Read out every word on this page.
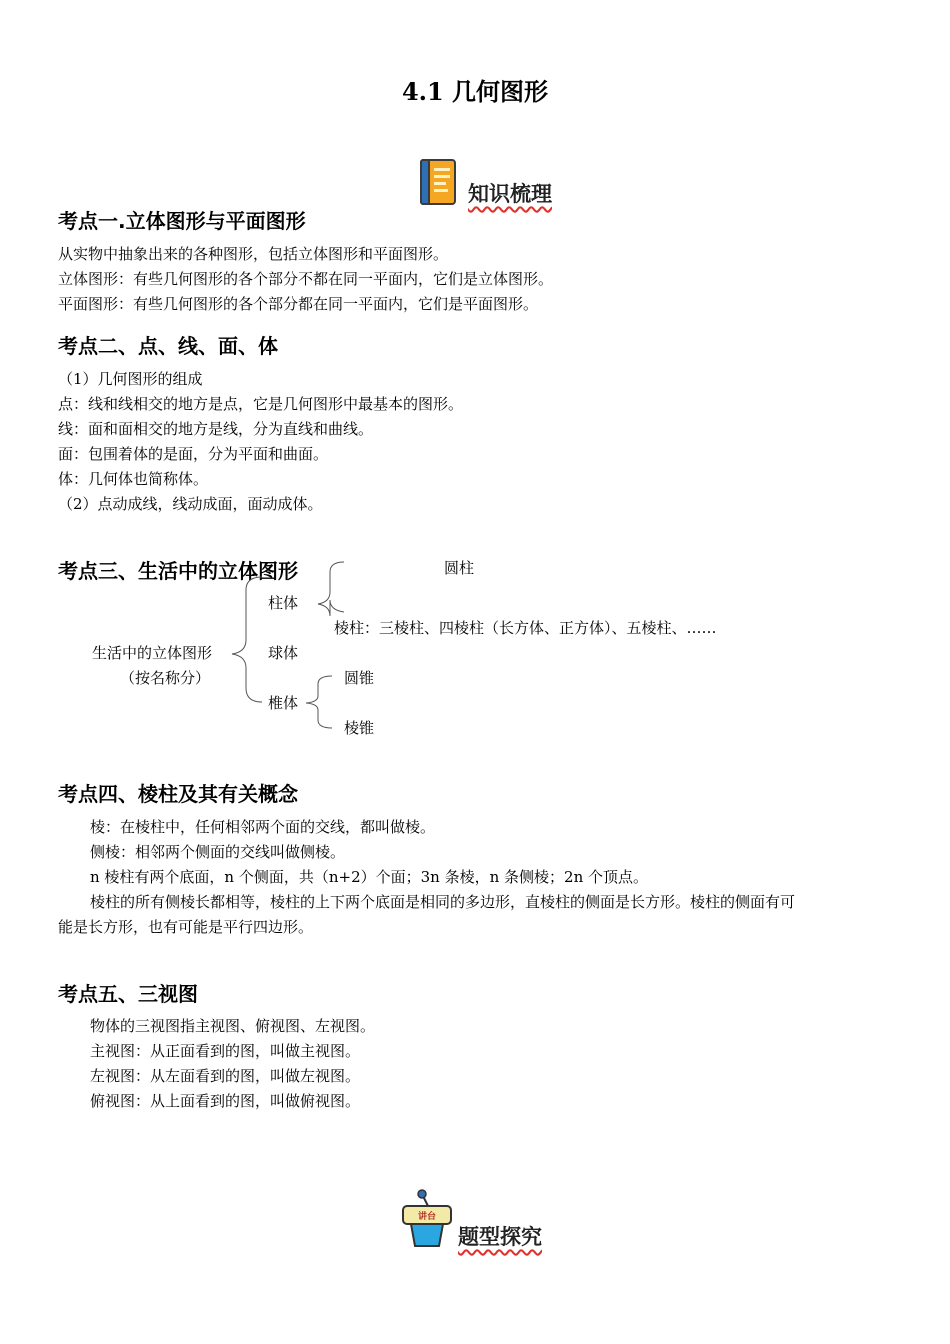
4.1 几何图形
知识梳理
考点一.立体图形与平面图形
从实物中抽象出来的各种图形，包括立体图形和平面图形。
立体图形：有些几何图形的各个部分不都在同一平面内，它们是立体图形。
平面图形：有些几何图形的各个部分都在同一平面内，它们是平面图形。
考点二、点、线、面、体
（1）几何图形的组成
点：线和线相交的地方是点，它是几何图形中最基本的图形。
线：面和面相交的地方是线，分为直线和曲线。
面：包围着体的是面，分为平面和曲面。
体：几何体也简称体。
（2）点动成线，线动成面，面动成体。
考点三、生活中的立体图形
生活中的立体图形
（按名称分）
柱体
球体
椎体
圆柱
棱柱：三棱柱、四棱柱（长方体、正方体）、五棱柱、……
圆锥
棱锥
考点四、棱柱及其有关概念
棱：在棱柱中，任何相邻两个面的交线，都叫做棱。
侧棱：相邻两个侧面的交线叫做侧棱。
n 棱柱有两个底面，n 个侧面，共（n+2）个面；3n 条棱，n 条侧棱；2n 个顶点。
棱柱的所有侧棱长都相等，棱柱的上下两个底面是相同的多边形，直棱柱的侧面是长方形。棱柱的侧面有可
能是长方形，也有可能是平行四边形。
考点五、三视图
物体的三视图指主视图、俯视图、左视图。
主视图：从正面看到的图，叫做主视图。
左视图：从左面看到的图，叫做左视图。
俯视图：从上面看到的图，叫做俯视图。
讲台
题型探究
